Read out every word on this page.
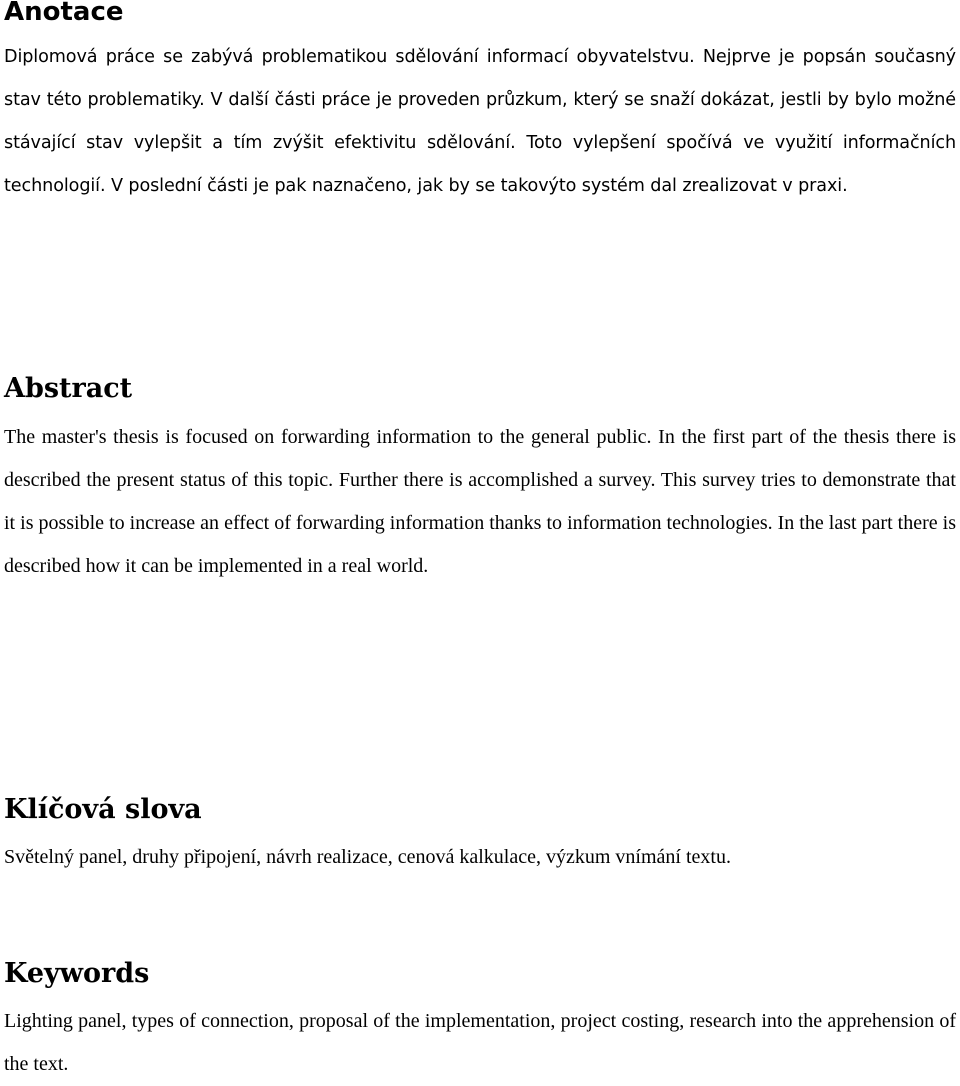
Anotace

Diplomová práce se zabývá problematikou sdělování informací obyvatelstvu. Nejprve je popsán současný stav této problematiky. V další části práce je proveden průzkum, který se snaží dokázat, jestli by bylo možné stávající stav vylepšit a tím zvýšit efektivitu sdělování. Toto vylepšení spočívá ve využití informačních technologií. V poslední části je pak naznačeno, jak by se takovýto systém dal zrealizovat v praxi.

Abstract

The master's thesis is focused on forwarding information to the general public. In the first part of the thesis there is described the present status of this topic. Further there is accomplished a survey. This survey tries to demonstrate that it is possible to increase an effect of forwarding information thanks to information technologies. In the last part there is described how it can be implemented in a real world.

Klíčová slova

Světelný panel, druhy připojení, návrh realizace, cenová kalkulace, výzkum vnímání textu.

Keywords

Lighting panel, types of connection, proposal of the implementation, project costing, research into the apprehension of the text.
